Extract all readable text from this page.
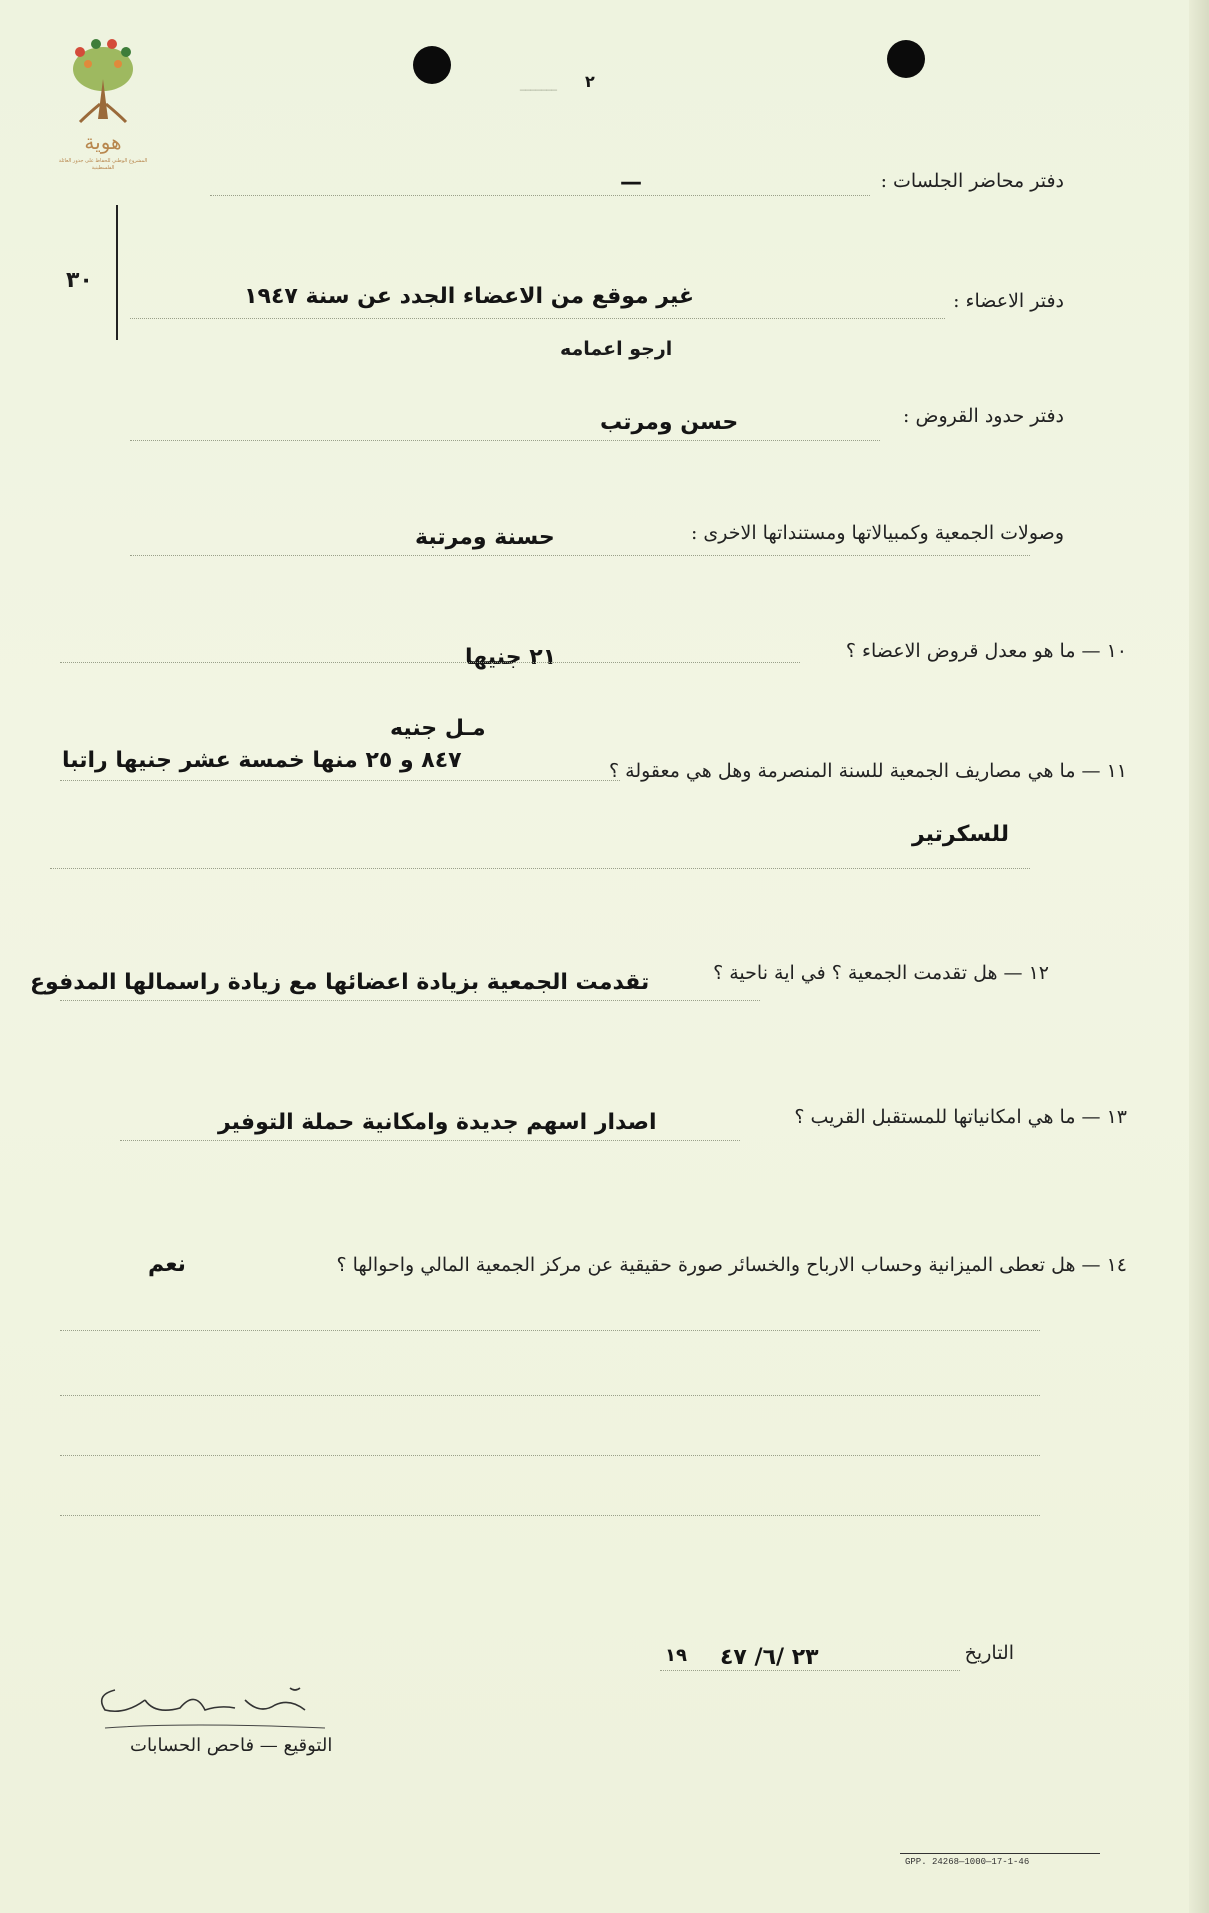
هوية
المشروع الوطني للحفاظ على جذور العائلة الفلسطينية
٢
ـــــــ
دفتر محاضر الجلسات :
—
٣٠
دفتر الاعضاء :
غير موقع من الاعضاء الجدد عن سنة ١٩٤٧
ارجو اعمامه
دفتر حدود القروض :
حسن ومرتب
وصولات الجمعية وكمبيالاتها ومستنداتها الاخرى :
حسنة ومرتبة
١٠ — ما هو معدل قروض الاعضاء ؟
٢١ جنيها
مـل جنيه
١١ — ما هي مصاريف الجمعية للسنة المنصرمة وهل هي معقولة ؟
٨٤٧ و ٢٥ منها خمسة عشر جنيها راتبا
للسكرتير
١٢ — هل تقدمت الجمعية ؟ في اية ناحية ؟
تقدمت الجمعية بزيادة اعضائها مع زيادة راسمالها المدفوع
١٣ — ما هي امكانياتها للمستقبل القريب ؟
اصدار اسهم جديدة وامكانية حملة التوفير
١٤ — هل تعطى الميزانية وحساب الارباح والخسائر صورة حقيقية عن مركز الجمعية المالي واحوالها ؟
نعم
التاريخ
٢٣ /٦/ ٤٧
١٩
التوقيع — فاحص الحسابات
GPP. 24268—1000—17-1-46
